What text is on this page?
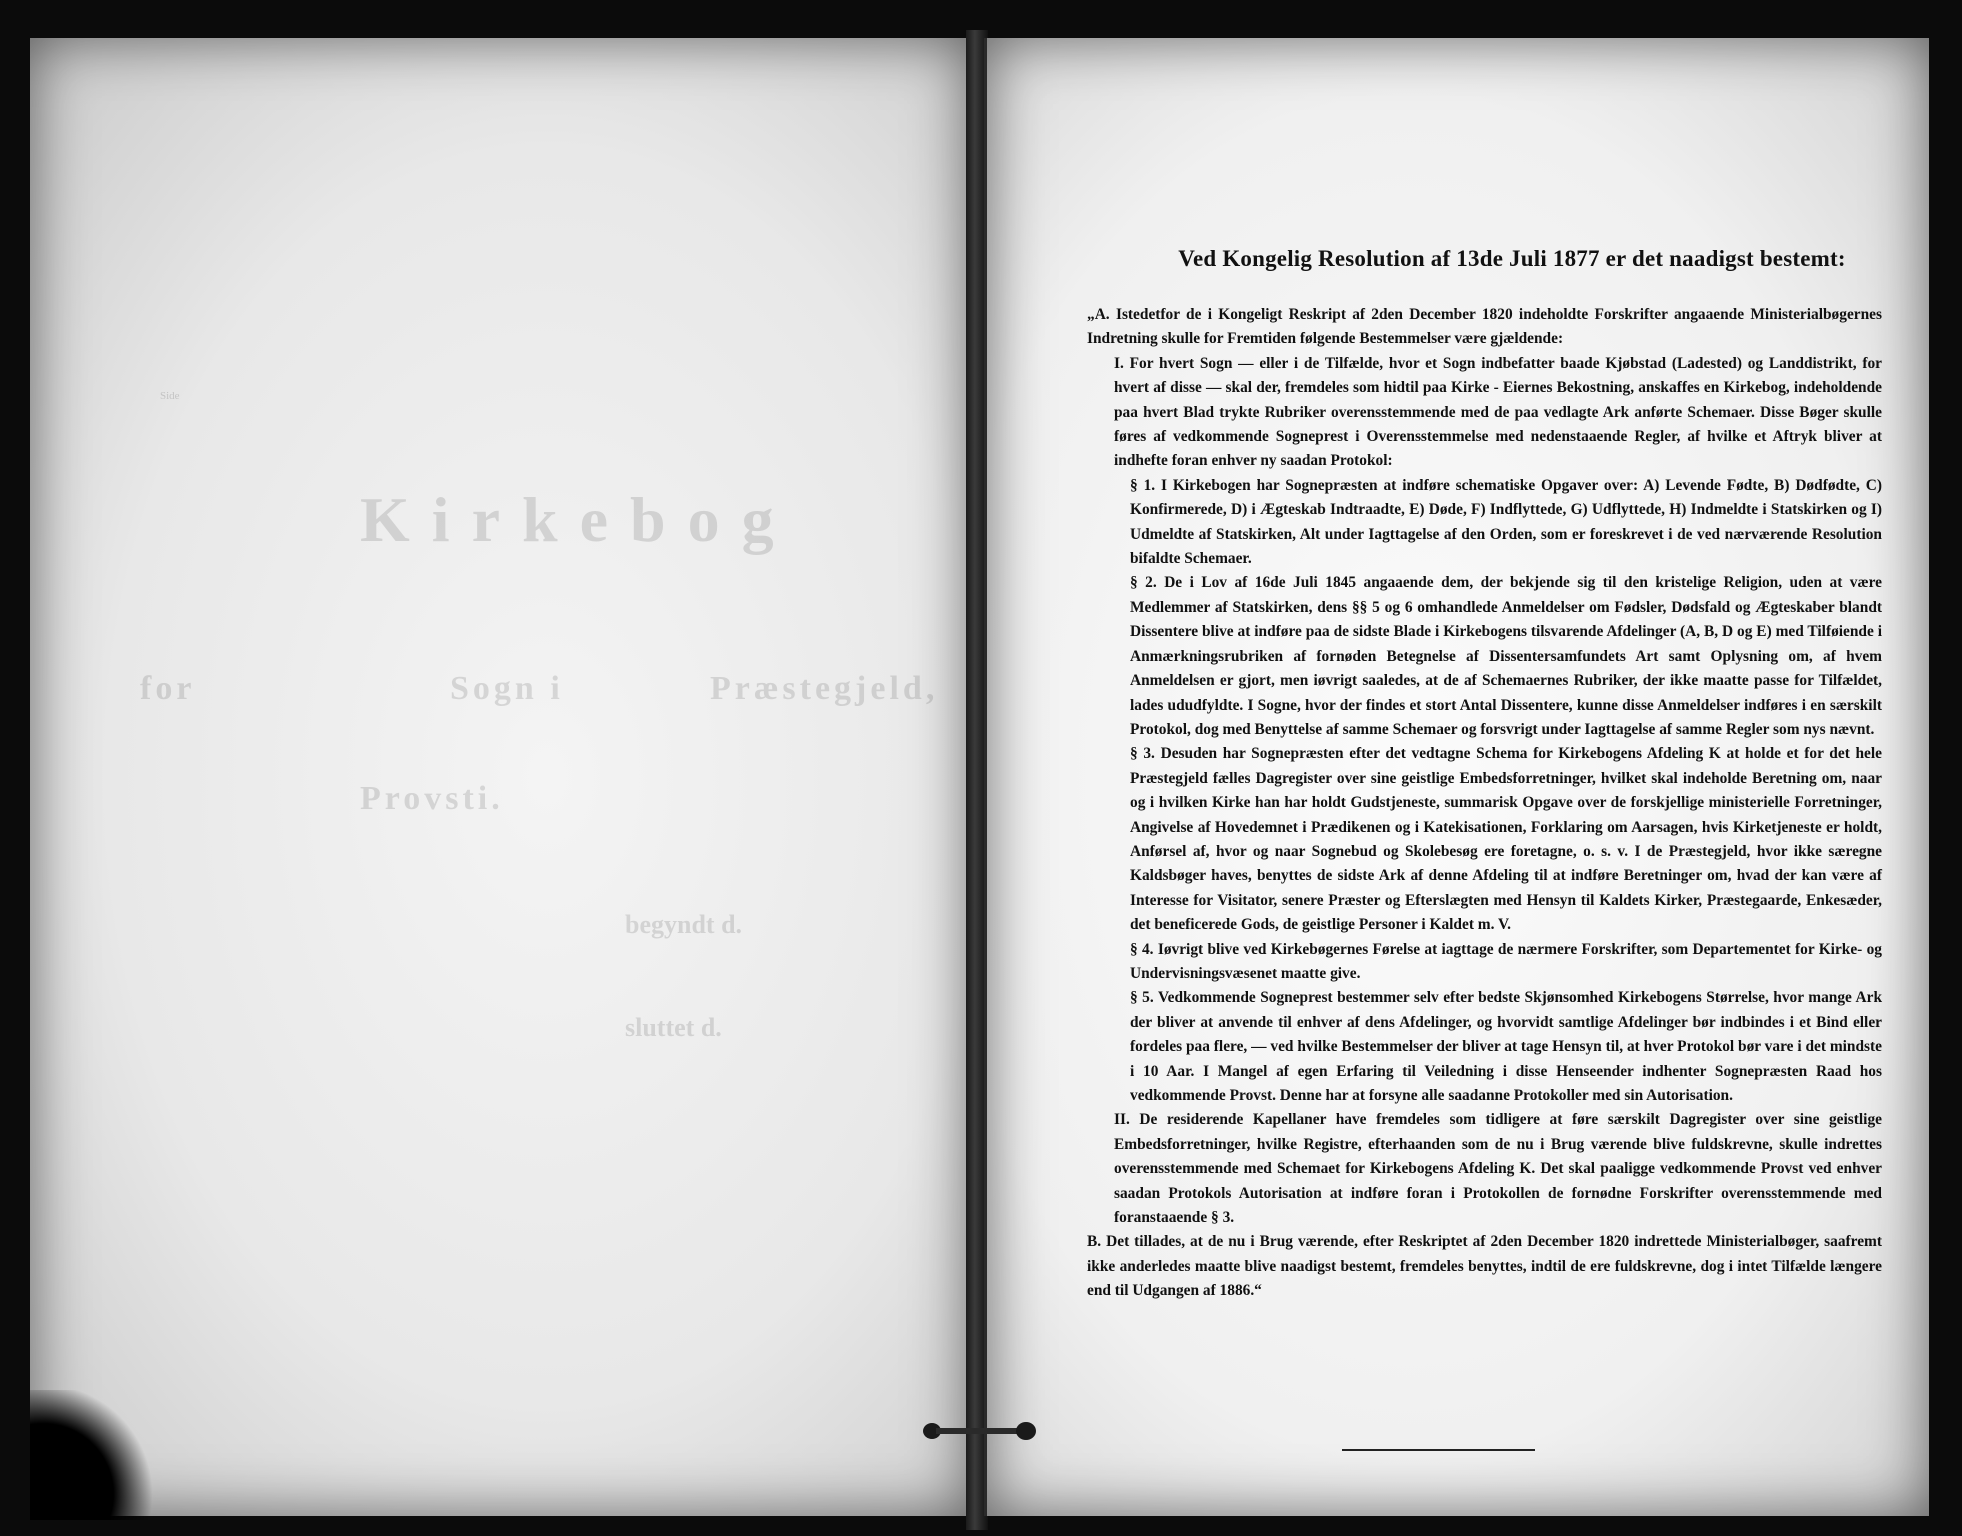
Side
Kirkebog
for	Sogn i	Præstegjeld,
Provsti.
begyndt d.
sluttet d.
Ved Kongelig Resolution af 13de Juli 1877 er det naadigst bestemt:

„A. Istedetfor de i Kongeligt Reskript af 2den December 1820 indeholdte Forskrifter angaaende Ministerialbøgernes Indretning skulle for Fremtiden følgende Bestemmelser være gjældende:

I. For hvert Sogn — eller i de Tilfælde, hvor et Sogn indbefatter baade Kjøbstad (Ladested) og Landdistrikt, for hvert af disse — skal der, fremdeles som hidtil paa Kirke - Eiernes Bekostning, anskaffes en Kirkebog, indeholdende paa hvert Blad trykte Rubriker overensstemmende med de paa vedlagte Ark anførte Schemaer. Disse Bøger skulle føres af vedkommende Sogneprest i Overensstemmelse med nedenstaaende Regler, af hvilke et Aftryk bliver at indhefte foran enhver ny saadan Protokol:

§ 1. I Kirkebogen har Sognepræsten at indføre schematiske Opgaver over: A) Levende Fødte, B) Dødfødte, C) Konfirmerede, D) i Ægteskab Indtraadte, E) Døde, F) Indflyttede, G) Udflyttede, H) Indmeldte i Statskirken og I) Udmeldte af Statskirken, Alt under Iagttagelse af den Orden, som er foreskrevet i de ved nærværende Resolution bifaldte Schemaer.

§ 2. De i Lov af 16de Juli 1845 angaaende dem, der bekjende sig til den kristelige Religion, uden at være Medlemmer af Statskirken, dens §§ 5 og 6 omhandlede Anmeldelser om Fødsler, Dødsfald og Ægteskaber blandt Dissentere blive at indføre paa de sidste Blade i Kirkebogens tilsvarende Afdelinger (A, B, D og E) med Tilføiende i Anmærkningsrubriken af fornøden Betegnelse af Dissentersamfundets Art samt Oplysning om, af hvem Anmeldelsen er gjort, men iøvrigt saaledes, at de af Schemaernes Rubriker, der ikke maatte passe for Tilfældet, lades ududfyldte. I Sogne, hvor der findes et stort Antal Dissentere, kunne disse Anmeldelser indføres i en særskilt Protokol, dog med Benyttelse af samme Schemaer og forsvrigt under Iagttagelse af samme Regler som nys nævnt.

§ 3. Desuden har Sognepræsten efter det vedtagne Schema for Kirkebogens Afdeling K at holde et for det hele Præstegjeld fælles Dagregister over sine geistlige Embedsforretninger, hvilket skal indeholde Beretning om, naar og i hvilken Kirke han har holdt Gudstjeneste, summarisk Opgave over de forskjellige ministerielle Forretninger, Angivelse af Hovedemnet i Prædikenen og i Katekisationen, Forklaring om Aarsagen, hvis Kirketjeneste er holdt, Anførsel af, hvor og naar Sognebud og Skolebesøg ere foretagne, o. s. v. I de Præstegjeld, hvor ikke særegne Kaldsbøger haves, benyttes de sidste Ark af denne Afdeling til at indføre Beretninger om, hvad der kan være af Interesse for Visitator, senere Præster og Efterslægten med Hensyn til Kaldets Kirker, Præstegaarde, Enkesæder, det beneficerede Gods, de geistlige Personer i Kaldet m. V.

§ 4. Iøvrigt blive ved Kirkebøgernes Førelse at iagttage de nærmere Forskrifter, som Departementet for Kirke- og Undervisningsvæsenet maatte give.

§ 5. Vedkommende Sogneprest bestemmer selv efter bedste Skjønsomhed Kirkebogens Størrelse, hvor mange Ark der bliver at anvende til enhver af dens Afdelinger, og hvorvidt samtlige Afdelinger bør indbindes i et Bind eller fordeles paa flere, — ved hvilke Bestemmelser der bliver at tage Hensyn til, at hver Protokol bør vare i det mindste i 10 Aar. I Mangel af egen Erfaring til Veiledning i disse Henseender indhenter Sognepræsten Raad hos vedkommende Provst. Denne har at forsyne alle saadanne Protokoller med sin Autorisation.

II. De residerende Kapellaner have fremdeles som tidligere at føre særskilt Dagregister over sine geistlige Embedsforretninger, hvilke Registre, efterhaanden som de nu i Brug værende blive fuldskrevne, skulle indrettes overensstemmende med Schemaet for Kirkebogens Afdeling K. Det skal paaligge vedkommende Provst ved enhver saadan Protokols Autorisation at indføre foran i Protokollen de fornødne Forskrifter overensstemmende med foranstaaende § 3.

B. Det tillades, at de nu i Brug værende, efter Reskriptet af 2den December 1820 indrettede Ministerialbøger, saafremt ikke anderledes maatte blive naadigst bestemt, fremdeles benyttes, indtil de ere fuldskrevne, dog i intet Tilfælde længere end til Udgangen af 1886.“
